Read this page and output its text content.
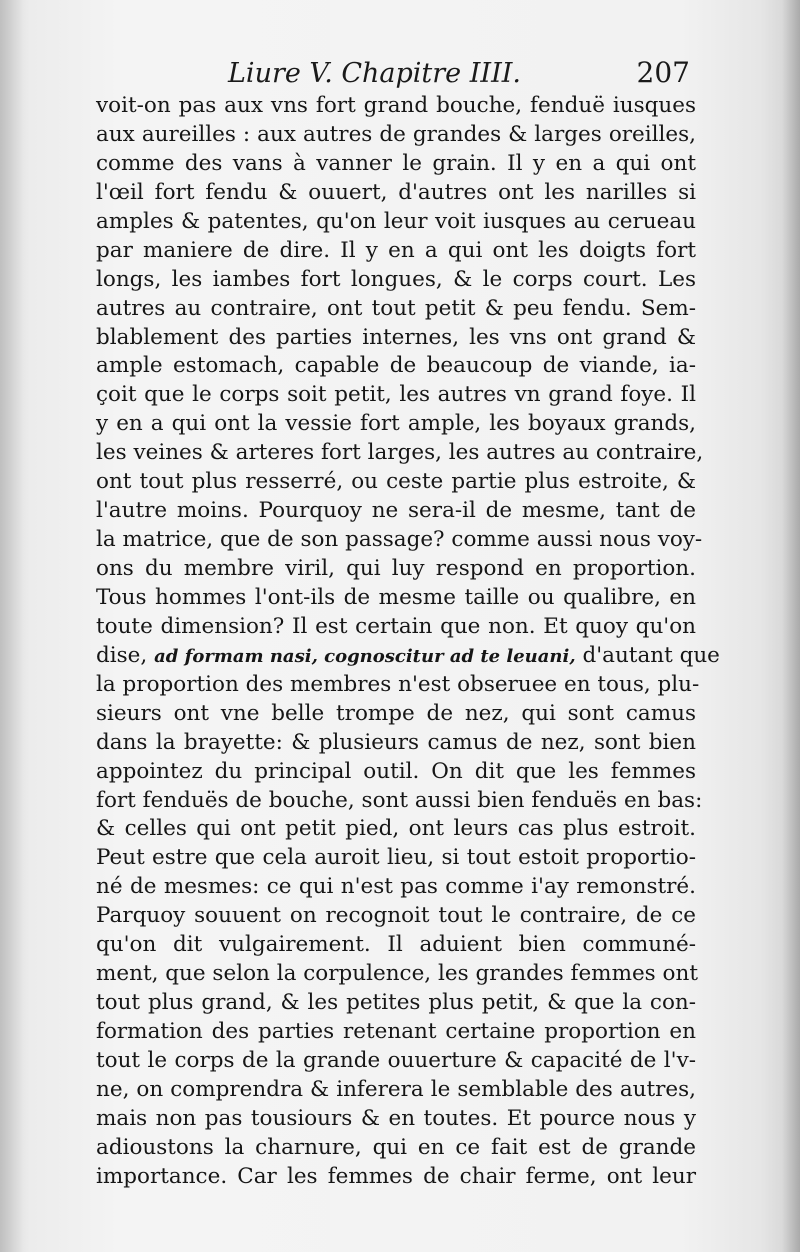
Liure V. Chapitre IIII.	207
voit-on pas aux vns fort grand bouche, fenduë iusques
aux aureilles : aux autres de grandes & larges oreilles,
comme des vans à vanner le grain. Il y en a qui ont
l'œil fort fendu & ouuert, d'autres ont les narilles si
amples & patentes, qu'on leur voit iusques au cerueau
par maniere de dire. Il y en a qui ont les doigts fort
longs, les iambes fort longues, & le corps court. Les
autres au contraire, ont tout petit & peu fendu. Sem-
blablement des parties internes, les vns ont grand &
ample estomach, capable de beaucoup de viande, ia-
çoit que le corps soit petit, les autres vn grand foye. Il
y en a qui ont la vessie fort ample, les boyaux grands,
les veines & arteres fort larges, les autres au contraire,
ont tout plus resserré, ou ceste partie plus estroite, &
l'autre moins. Pourquoy ne sera-il de mesme, tant de
la matrice, que de son passage? comme aussi nous voy-
ons du membre viril, qui luy respond en proportion.
Tous hommes l'ont-ils de mesme taille ou qualibre, en
toute dimension? Il est certain que non. Et quoy qu'on
dise, ad formam nasi, cognoscitur ad te leuani, d'autant que
la proportion des membres n'est obseruee en tous, plu-
sieurs ont vne belle trompe de nez, qui sont camus
dans la brayette: & plusieurs camus de nez, sont bien
appointez du principal outil. On dit que les femmes
fort fenduës de bouche, sont aussi bien fenduës en bas:
& celles qui ont petit pied, ont leurs cas plus estroit.
Peut estre que cela auroit lieu, si tout estoit proportio-
né de mesmes: ce qui n'est pas comme i'ay remonstré.
Parquoy souuent on recognoit tout le contraire, de ce
qu'on dit vulgairement. Il aduient bien communé-
ment, que selon la corpulence, les grandes femmes ont
tout plus grand, & les petites plus petit, & que la con-
formation des parties retenant certaine proportion en
tout le corps de la grande ouuerture & capacité de l'v-
ne, on comprendra & inferera le semblable des autres,
mais non pas tousiours & en toutes. Et pource nous y
adioustons la charnure, qui en ce fait est de grande
importance. Car les femmes de chair ferme, ont leur
